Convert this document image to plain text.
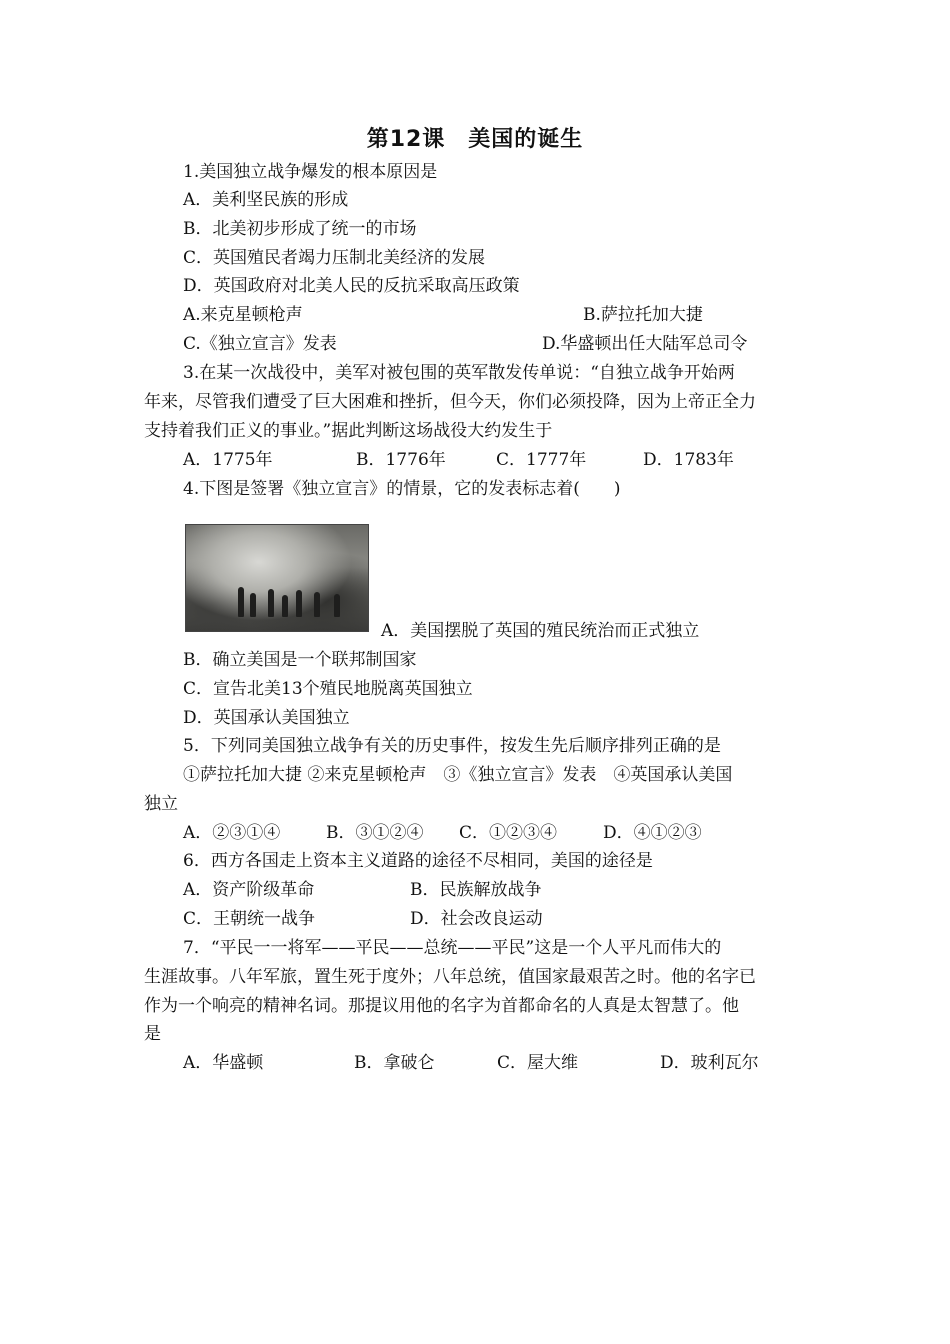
第12课　美国的诞生
1.美国独立战争爆发的根本原因是
A．美利坚民族的形成
B．北美初步形成了统一的市场
C．英国殖民者竭力压制北美经济的发展
D．英国政府对北美人民的反抗采取高压政策
A.来克星顿枪声	B.萨拉托加大捷
C.《独立宣言》发表	D.华盛顿出任大陆军总司令
3.在某一次战役中，美军对被包围的英军散发传单说：“自独立战争开始两
年来，尽管我们遭受了巨大困难和挫折，但今天，你们必须投降，因为上帝正全力
支持着我们正义的事业。”据此判断这场战役大约发生于
A．1775年	B．1776年	C．1777年	D．1783年
4.下图是签署《独立宣言》的情景，它的发表标志着(　　)
A．美国摆脱了英国的殖民统治而正式独立
B．确立美国是一个联邦制国家
C．宣告北美13个殖民地脱离英国独立
D．英国承认美国独立
5．下列同美国独立战争有关的历史事件，按发生先后顺序排列正确的是
①萨拉托加大捷 ②来克星顿枪声　③《独立宣言》发表　④英国承认美国
独立
A．②③①④	B．③①②④ C．①②③④	D．④①②③
6．西方各国走上资本主义道路的途径不尽相同，美国的途径是
A．资产阶级革命	B．民族解放战争
C．王朝统一战争	D．社会改良运动
7．“平民一一将军——平民——总统——平民”这是一个人平凡而伟大的
生涯故事。八年军旅，置生死于度外；八年总统，值国家最艰苦之时。他的名字已
作为一个响亮的精神名词。那提议用他的名字为首都命名的人真是太智慧了。他
是
A．华盛顿	B．拿破仑	C．屋大维	D．玻利瓦尔
